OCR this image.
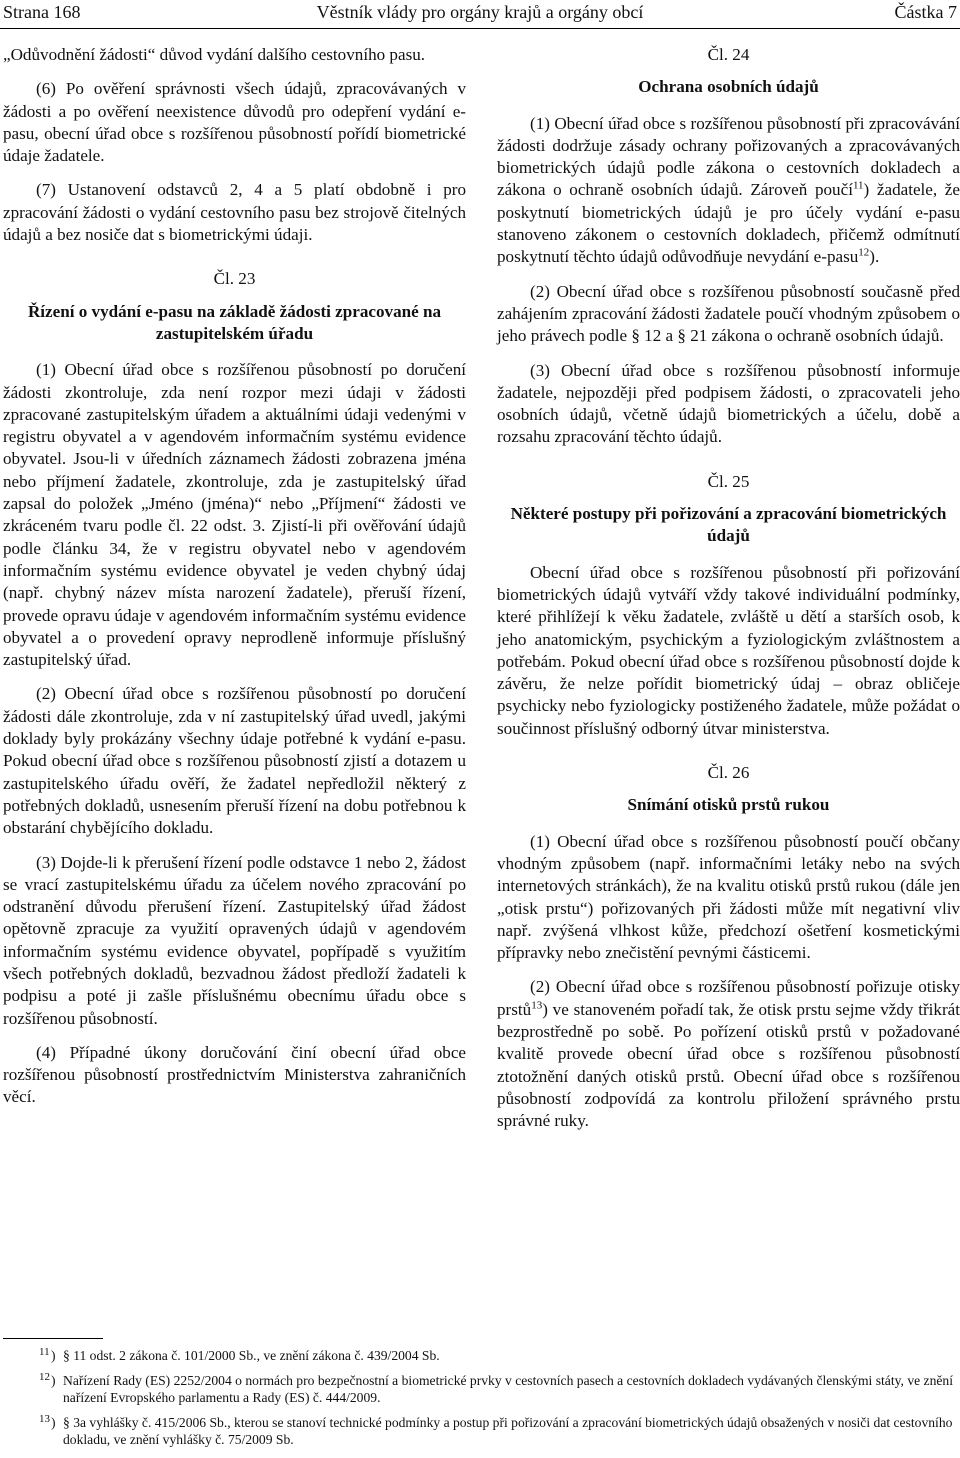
Strana 168	Věstník vlády pro orgány krajů a orgány obcí	Částka 7

„Odůvodnění žádosti“ důvod vydání dalšího cestovního pasu.

(6) Po ověření správnosti všech údajů, zpracovávaných v žádosti a po ověření neexistence důvodů pro odepření vydání e-pasu, obecní úřad obce s rozšířenou působností pořídí biometrické údaje žadatele.

(7) Ustanovení odstavců 2, 4 a 5 platí obdobně i pro zpracování žádosti o vydání cestovního pasu bez strojově čitelných údajů a bez nosiče dat s biometrickými údaji.

Čl. 23

Řízení o vydání e-pasu na základě žádosti zpracované na zastupitelském úřadu

(1) Obecní úřad obce s rozšířenou působností po doručení žádosti zkontroluje, zda není rozpor mezi údaji v žádosti zpracované zastupitelským úřadem a aktuálními údaji vedenými v registru obyvatel a v agendovém informačním systému evidence obyvatel. Jsou-li v úředních záznamech žádosti zobrazena jména nebo příjmení žadatele, zkontroluje, zda je zastupitelský úřad zapsal do položek „Jméno (jména)“ nebo „Příjmení“ žádosti ve zkráceném tvaru podle čl. 22 odst. 3. Zjistí-li při ověřování údajů podle článku 34, že v registru obyvatel nebo v agendovém informačním systému evidence obyvatel je veden chybný údaj (např. chybný název místa narození žadatele), přeruší řízení, provede opravu údaje v agendovém informačním systému evidence obyvatel a o provedení opravy neprodleně informuje příslušný zastupitelský úřad.

(2) Obecní úřad obce s rozšířenou působností po doručení žádosti dále zkontroluje, zda v ní zastupitelský úřad uvedl, jakými doklady byly prokázány všechny údaje potřebné k vydání e-pasu. Pokud obecní úřad obce s rozšířenou působností zjistí a dotazem u zastupitelského úřadu ověří, že žadatel nepředložil některý z potřebných dokladů, usnesením přeruší řízení na dobu potřebnou k obstarání chybějícího dokladu.

(3) Dojde-li k přerušení řízení podle odstavce 1 nebo 2, žádost se vrací zastupitelskému úřadu za účelem nového zpracování po odstranění důvodu přerušení řízení. Zastupitelský úřad žádost opětovně zpracuje za využití opravených údajů v agendovém informačním systému evidence obyvatel, popřípadě s využitím všech potřebných dokladů, bezvadnou žádost předloží žadateli k podpisu a poté ji zašle příslušnému obecnímu úřadu obce s rozšířenou působností.

(4) Případné úkony doručování činí obecní úřad obce rozšířenou působností prostřednictvím Ministerstva zahraničních věcí.

Čl. 24

Ochrana osobních údajů

(1) Obecní úřad obce s rozšířenou působností při zpracovávání žádosti dodržuje zásady ochrany pořizovaných a zpracovávaných biometrických údajů podle zákona o cestovních dokladech a zákona o ochraně osobních údajů. Zároveň poučí$^{11}$) žadatele, že poskytnutí biometrických údajů je pro účely vydání e-pasu stanoveno zákonem o cestovních dokladech, přičemž odmítnutí poskytnutí těchto údajů odůvodňuje nevydání e-pasu$^{12}$).

(2) Obecní úřad obce s rozšířenou působností současně před zahájením zpracování žádosti žadatele poučí vhodným způsobem o jeho právech podle § 12 a § 21 zákona o ochraně osobních údajů.

(3) Obecní úřad obce s rozšířenou působností informuje žadatele, nejpozději před podpisem žádosti, o zpracovateli jeho osobních údajů, včetně údajů biometrických a účelu, době a rozsahu zpracování těchto údajů.

Čl. 25

Některé postupy při pořizování a zpracování biometrických údajů

Obecní úřad obce s rozšířenou působností při pořizování biometrických údajů vytváří vždy takové individuální podmínky, které přihlížejí k věku žadatele, zvláště u dětí a starších osob, k jeho anatomickým, psychickým a fyziologickým zvláštnostem a potřebám. Pokud obecní úřad obce s rozšířenou působností dojde k závěru, že nelze pořídit biometrický údaj – obraz obličeje psychicky nebo fyziologicky postiženého žadatele, může požádat o součinnost příslušný odborný útvar ministerstva.

Čl. 26

Snímání otisků prstů rukou

(1) Obecní úřad obce s rozšířenou působností poučí občany vhodným způsobem (např. informačními letáky nebo na svých internetových stránkách), že na kvalitu otisků prstů rukou (dále jen „otisk prstu“) pořizovaných při žádosti může mít negativní vliv např. zvýšená vlhkost kůže, předchozí ošetření kosmetickými přípravky nebo znečistění pevnými částicemi.

(2) Obecní úřad obce s rozšířenou působností pořizuje otisky prstů$^{13}$) ve stanoveném pořadí tak, že otisk prstu sejme vždy třikrát bezprostředně po sobě. Po pořízení otisků prstů v požadované kvalitě provede obecní úřad obce s rozšířenou působností ztotožnění daných otisků prstů. Obecní úřad obce s rozšířenou působností zodpovídá za kontrolu přiložení správného prstu správné ruky.

11 ) § 11 odst. 2 zákona č. 101/2000 Sb., ve znění zákona č. 439/2004 Sb.
12 ) Nařízení Rady (ES) 2252/2004 o normách pro bezpečnostní a biometrické prvky v cestovních pasech a cestovních dokladech vydávaných členskými státy, ve znění nařízení Evropského parlamentu a Rady (ES) č. 444/2009.
13 ) § 3a vyhlášky č. 415/2006 Sb., kterou se stanoví technické podmínky a postup při pořizování a zpracování biometrických údajů obsažených v nosiči dat cestovního dokladu, ve znění vyhlášky č. 75/2009 Sb.
